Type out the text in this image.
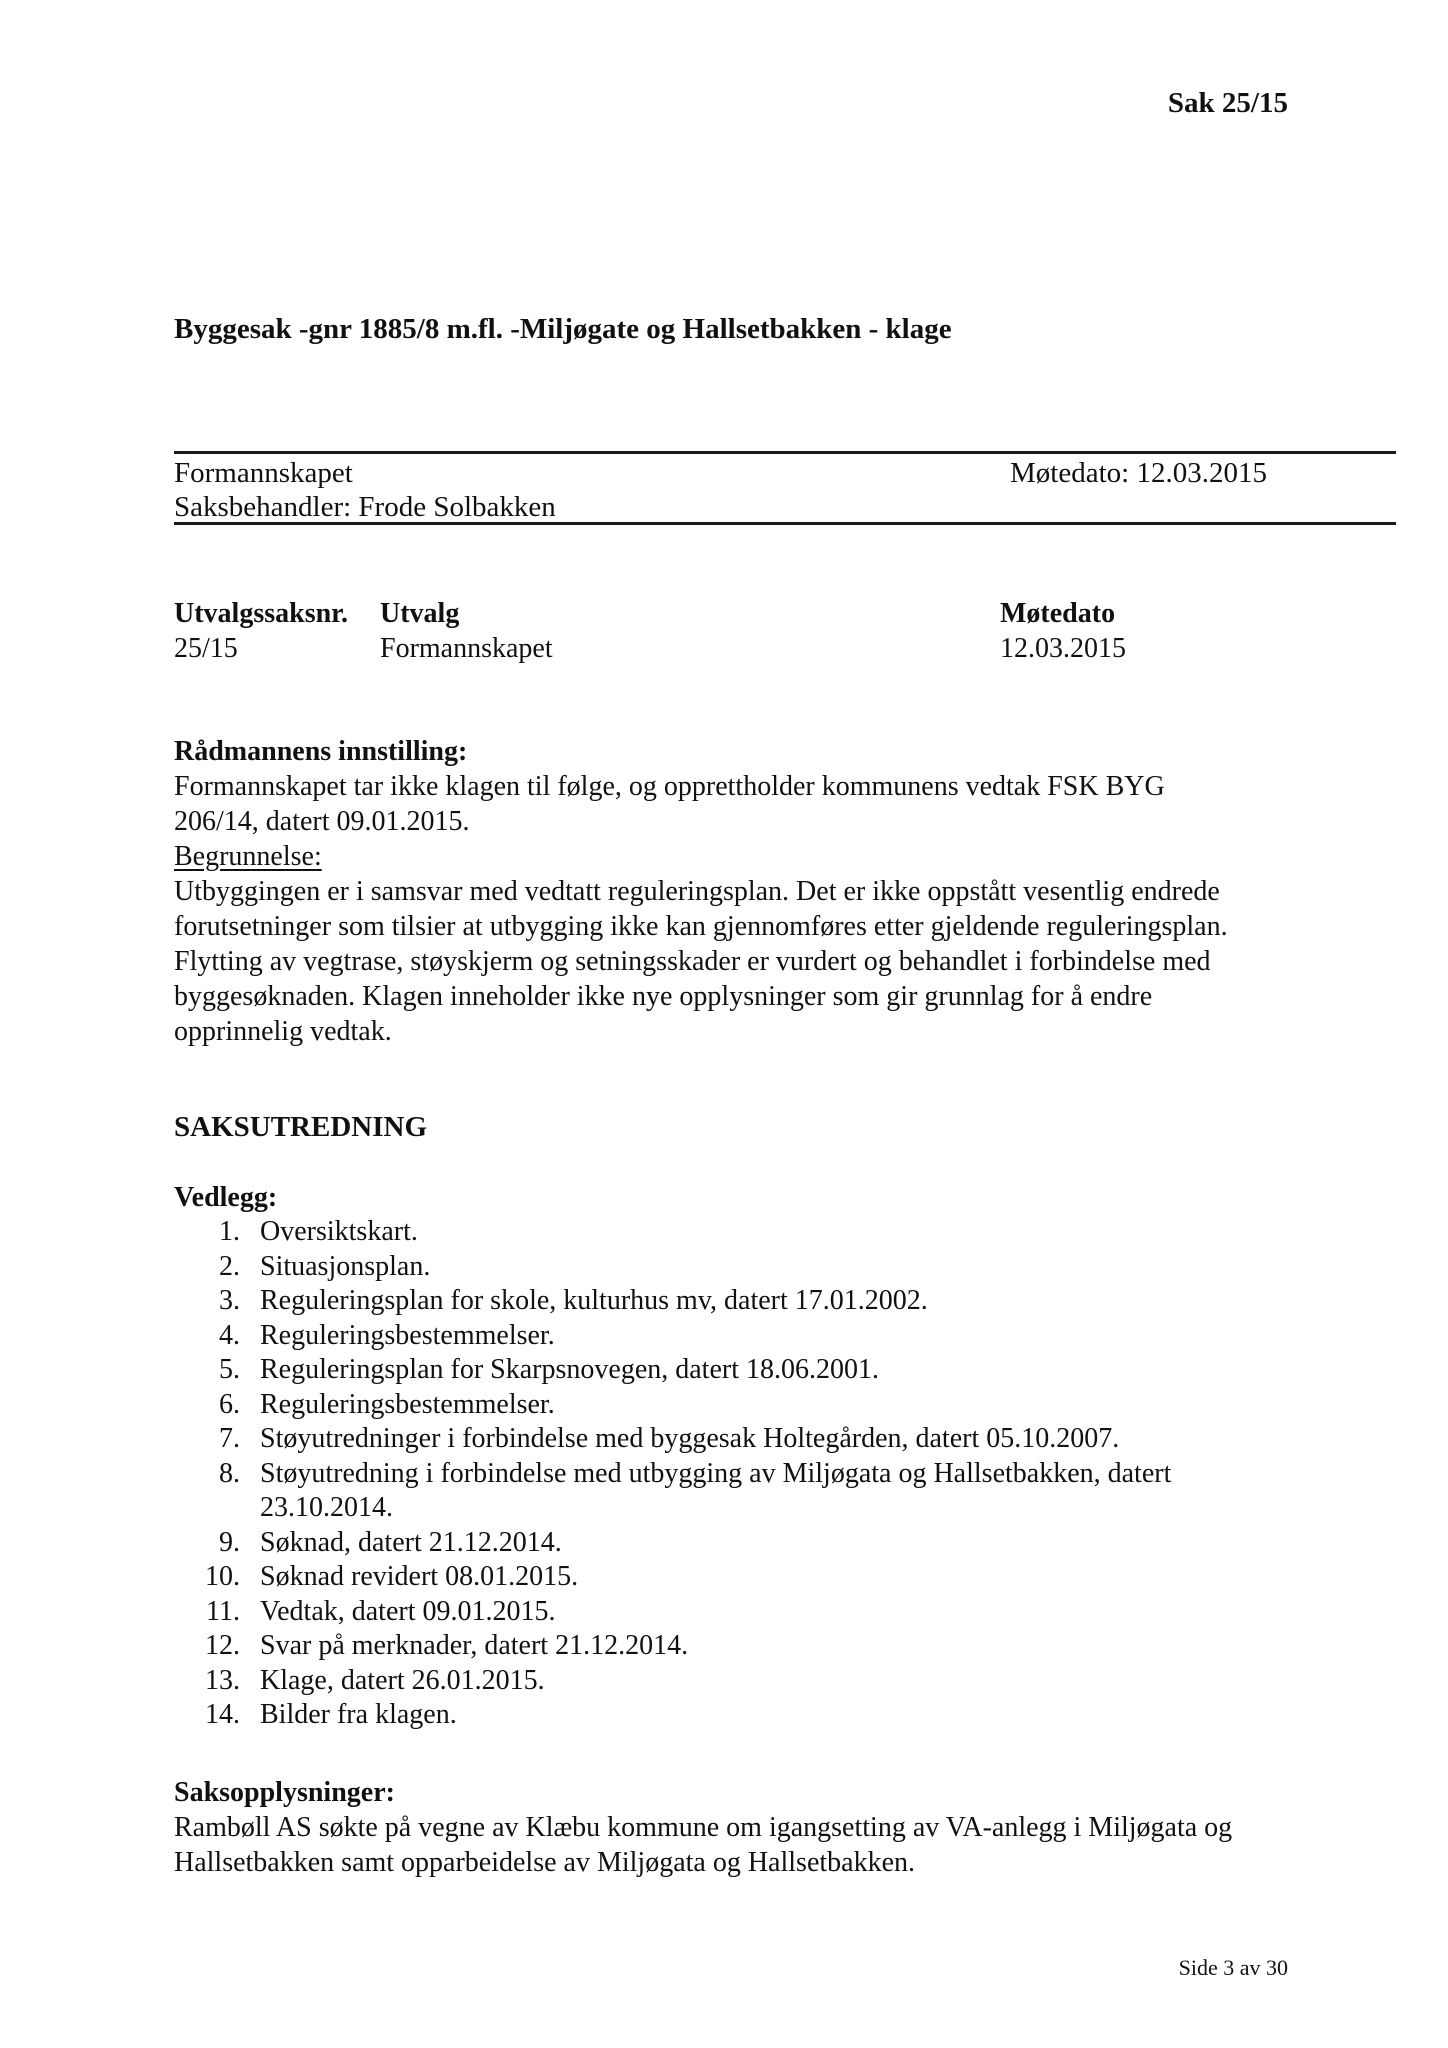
Sak 25/15
Byggesak -gnr 1885/8 m.fl. -Miljøgate og Hallsetbakken - klage
Formannskapet	Møtedato: 12.03.2015
Saksbehandler: Frode Solbakken
Utvalgssaksnr. Utvalg	Møtedato
25/15	Formannskapet	12.03.2015
Rådmannens innstilling:
Formannskapet tar ikke klagen til følge, og opprettholder kommunens vedtak FSK BYG 206/14, datert 09.01.2015.
Begrunnelse:
Utbyggingen er i samsvar med vedtatt reguleringsplan. Det er ikke oppstått vesentlig endrede forutsetninger som tilsier at utbygging ikke kan gjennomføres etter gjeldende reguleringsplan. Flytting av vegtrase, støyskjerm og setningsskader er vurdert og behandlet i forbindelse med byggesøknaden. Klagen inneholder ikke nye opplysninger som gir grunnlag for å endre opprinnelig vedtak.
SAKSUTREDNING
Vedlegg:
1. Oversiktskart.
2. Situasjonsplan.
3. Reguleringsplan for skole, kulturhus mv, datert 17.01.2002.
4. Reguleringsbestemmelser.
5. Reguleringsplan for Skarpsnovegen, datert 18.06.2001.
6. Reguleringsbestemmelser.
7. Støyutredninger i forbindelse med byggesak Holtegården, datert 05.10.2007.
8. Støyutredning i forbindelse med utbygging av Miljøgata og Hallsetbakken, datert 23.10.2014.
9. Søknad, datert 21.12.2014.
10. Søknad revidert 08.01.2015.
11. Vedtak, datert 09.01.2015.
12. Svar på merknader, datert 21.12.2014.
13. Klage, datert 26.01.2015.
14. Bilder fra klagen.
Saksopplysninger:
Rambøll AS søkte på vegne av Klæbu kommune om igangsetting av VA-anlegg i Miljøgata og Hallsetbakken samt opparbeidelse av Miljøgata og Hallsetbakken.
Side 3 av 30
